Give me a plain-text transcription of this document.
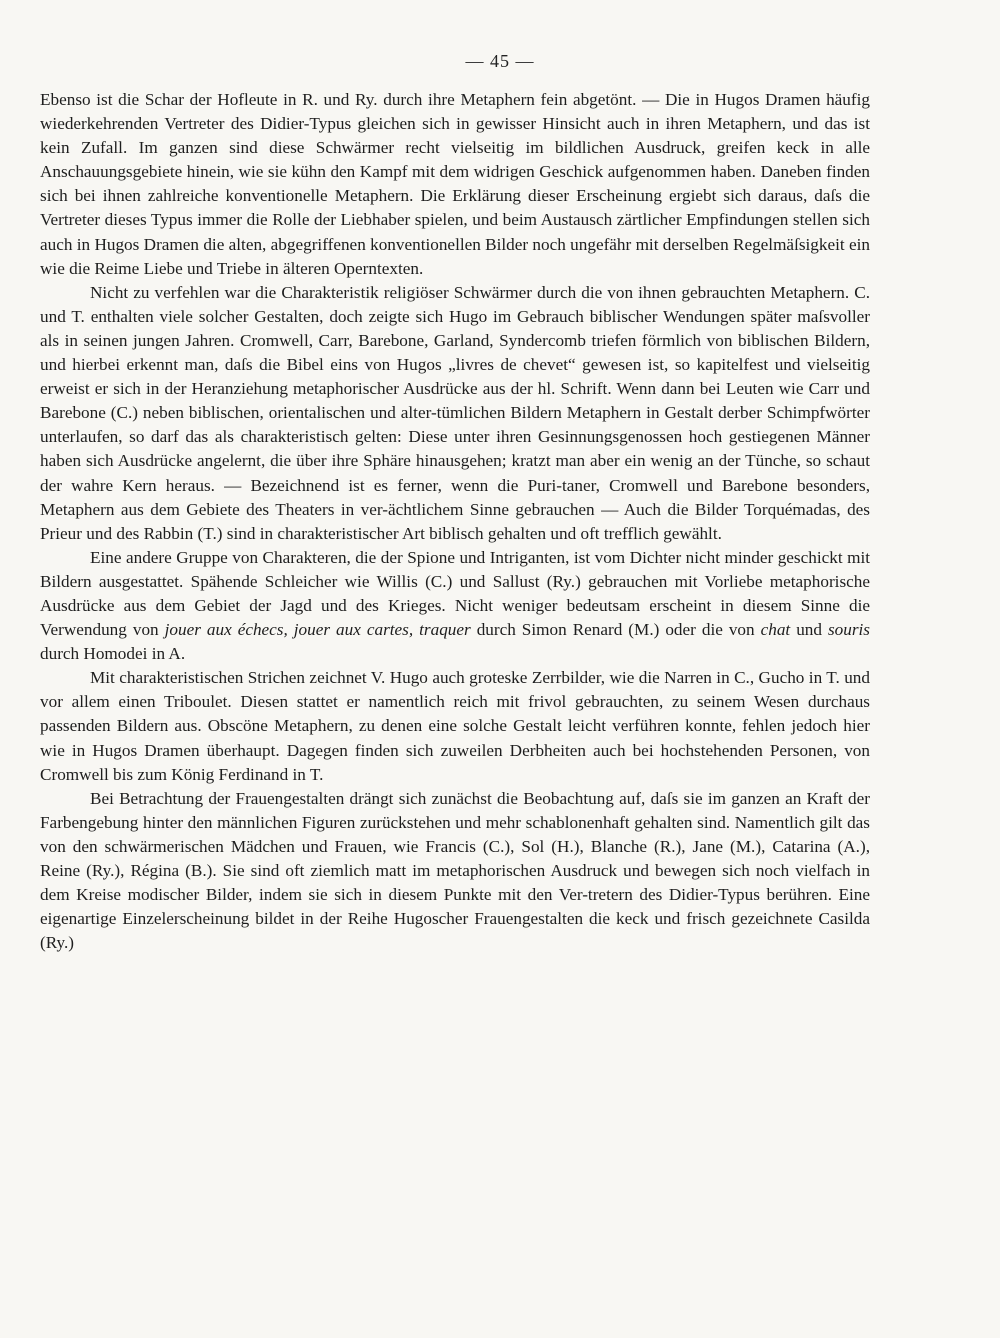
— 45 —

Ebenso ist die Schar der Hofleute in R. und Ry. durch ihre Metaphern fein abgetönt. — Die in Hugos Dramen häufig wiederkehrenden Vertreter des Didier-Typus gleichen sich in gewisser Hinsicht auch in ihren Metaphern, und das ist kein Zufall. Im ganzen sind diese Schwärmer recht vielseitig im bildlichen Ausdruck, greifen keck in alle Anschauungsgebiete hinein, wie sie kühn den Kampf mit dem widrigen Geschick aufgenommen haben. Daneben finden sich bei ihnen zahlreiche konventionelle Metaphern. Die Erklärung dieser Erscheinung ergiebt sich daraus, daſs die Vertreter dieses Typus immer die Rolle der Liebhaber spielen, und beim Austausch zärtlicher Empfindungen stellen sich auch in Hugos Dramen die alten, abgegriffenen konventionellen Bilder noch ungefähr mit derselben Regelmäſsigkeit ein wie die Reime Liebe und Triebe in älteren Operntexten.

Nicht zu verfehlen war die Charakteristik religiöser Schwärmer durch die von ihnen gebrauchten Metaphern. C. und T. enthalten viele solcher Gestalten, doch zeigte sich Hugo im Gebrauch biblischer Wendungen später maſsvoller als in seinen jungen Jahren. Cromwell, Carr, Barebone, Garland, Syndercomb triefen förmlich von biblischen Bildern, und hierbei erkennt man, daſs die Bibel eins von Hugos „livres de chevet“ gewesen ist, so kapitelfest und vielseitig erweist er sich in der Heranziehung metaphorischer Ausdrücke aus der hl. Schrift. Wenn dann bei Leuten wie Carr und Barebone (C.) neben biblischen, orientalischen und alter-tümlichen Bildern Metaphern in Gestalt derber Schimpfwörter unterlaufen, so darf das als charakteristisch gelten: Diese unter ihren Gesinnungsgenossen hoch gestiegenen Männer haben sich Ausdrücke angelernt, die über ihre Sphäre hinausgehen; kratzt man aber ein wenig an der Tünche, so schaut der wahre Kern heraus. — Bezeichnend ist es ferner, wenn die Puri-taner, Cromwell und Barebone besonders, Metaphern aus dem Gebiete des Theaters in ver-ächtlichem Sinne gebrauchen — Auch die Bilder Torquémadas, des Prieur und des Rabbin (T.) sind in charakteristischer Art biblisch gehalten und oft trefflich gewählt.

Eine andere Gruppe von Charakteren, die der Spione und Intriganten, ist vom Dichter nicht minder geschickt mit Bildern ausgestattet. Spähende Schleicher wie Willis (C.) und Sallust (Ry.) gebrauchen mit Vorliebe metaphorische Ausdrücke aus dem Gebiet der Jagd und des Krieges. Nicht weniger bedeutsam erscheint in diesem Sinne die Verwendung von jouer aux échecs, jouer aux cartes, traquer durch Simon Renard (M.) oder die von chat und souris durch Homodei in A.

Mit charakteristischen Strichen zeichnet V. Hugo auch groteske Zerrbilder, wie die Narren in C., Gucho in T. und vor allem einen Triboulet. Diesen stattet er namentlich reich mit frivol gebrauchten, zu seinem Wesen durchaus passenden Bildern aus. Obscöne Metaphern, zu denen eine solche Gestalt leicht verführen konnte, fehlen jedoch hier wie in Hugos Dramen überhaupt. Dagegen finden sich zuweilen Derbheiten auch bei hochstehenden Personen, von Cromwell bis zum König Ferdinand in T.

Bei Betrachtung der Frauengestalten drängt sich zunächst die Beobachtung auf, daſs sie im ganzen an Kraft der Farbengebung hinter den männlichen Figuren zurückstehen und mehr schablonenhaft gehalten sind. Namentlich gilt das von den schwärmerischen Mädchen und Frauen, wie Francis (C.), Sol (H.), Blanche (R.), Jane (M.), Catarina (A.), Reine (Ry.), Régina (B.). Sie sind oft ziemlich matt im metaphorischen Ausdruck und bewegen sich noch vielfach in dem Kreise modischer Bilder, indem sie sich in diesem Punkte mit den Ver-tretern des Didier-Typus berühren. Eine eigenartige Einzelerscheinung bildet in der Reihe Hugoscher Frauengestalten die keck und frisch gezeichnete Casilda (Ry.)
